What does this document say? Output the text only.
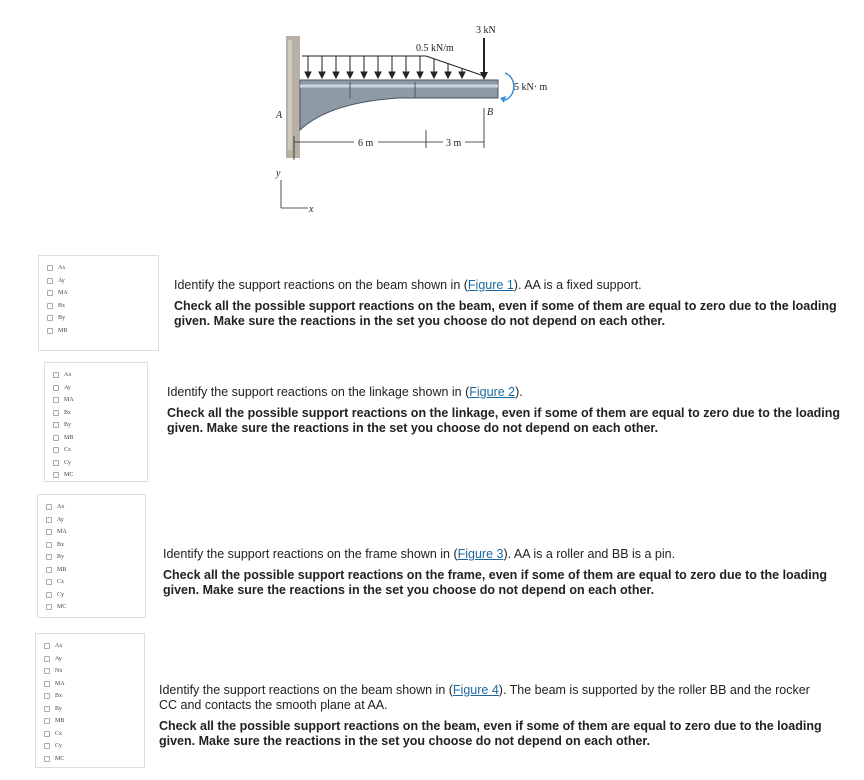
0.5 kN/m
3 kN
5 kN· m
A	B
6 m	3 m
y
x
Ax
Ay
MA
Bx
By
MB

Identify the support reactions on the beam shown in (Figure 1). AA is a fixed support.

Check all the possible support reactions on the beam, even if some of them are equal to zero due to the loading given. Make sure the reactions in the set you choose do not depend on each other.

Ax
Ay
MA
Bx
By
MB
Cx
Cy
MC

Identify the support reactions on the linkage shown in (Figure 2).

Check all the possible support reactions on the linkage, even if some of them are equal to zero due to the loading given. Make sure the reactions in the set you choose do not depend on each other.

Ax
Ay
MA
Bx
By
MB
Cx
Cy
MC

Identify the support reactions on the frame shown in (Figure 3). AA is a roller and BB is a pin.

Check all the possible support reactions on the frame, even if some of them are equal to zero due to the loading given. Make sure the reactions in the set you choose do not depend on each other.

Ax
Ay
Nx
MA
Bx
By
MB
Cx
Cy
MC

Identify the support reactions on the beam shown in (Figure 4). The beam is supported by the roller BB and the rocker CC and contacts the smooth plane at AA.

Check all the possible support reactions on the beam, even if some of them are equal to zero due to the loading given. Make sure the reactions in the set you choose do not depend on each other.
